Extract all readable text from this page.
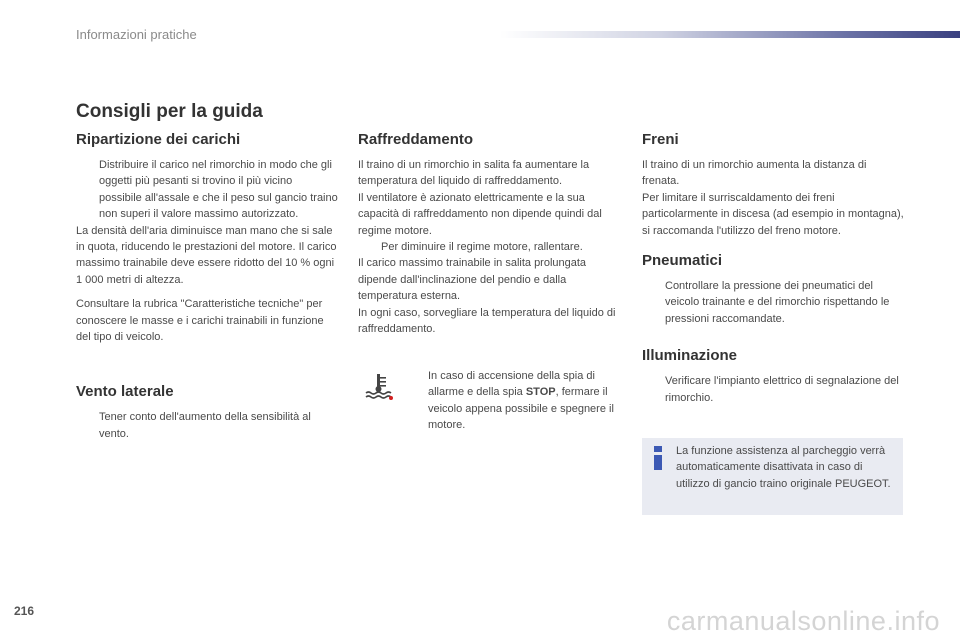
Informazioni pratiche
Consigli per la guida
Ripartizione dei carichi
Distribuire il carico nel rimorchio in modo che gli oggetti più pesanti si trovino il più vicino possibile all'assale e che il peso sul gancio traino non superi il valore massimo autorizzato.

La densità dell'aria diminuisce man mano che si sale in quota, riducendo le prestazioni del motore. Il carico massimo trainabile deve essere ridotto del 10 % ogni 1 000 metri di altezza.

Consultare la rubrica "Caratteristiche tecniche" per conoscere le masse e i carichi trainabili in funzione del tipo di veicolo.

Vento laterale
Tener conto dell'aumento della sensibilità al vento.
Raffreddamento

Il traino di un rimorchio in salita fa aumentare la temperatura del liquido di raffreddamento.

Il ventilatore è azionato elettricamente e la sua capacità di raffreddamento non dipende quindi dal regime motore.

Per diminuire il regime motore, rallentare.

Il carico massimo trainabile in salita prolungata dipende dall'inclinazione del pendio e dalla temperatura esterna.

In ogni caso, sorvegliare la temperatura del liquido di raffreddamento.

In caso di accensione della spia di allarme e della spia STOP, fermare il veicolo appena possibile e spegnere il motore.
Freni

Il traino di un rimorchio aumenta la distanza di frenata.

Per limitare il surriscaldamento dei freni particolarmente in discesa (ad esempio in montagna), si raccomanda l'utilizzo del freno motore.

Pneumatici
Controllare la pressione dei pneumatici del veicolo trainante e del rimorchio rispettando le pressioni raccomandate.
Illuminazione
Verificare l'impianto elettrico di segnalazione del rimorchio.
La funzione assistenza al parcheggio verrà automaticamente disattivata in caso di utilizzo di gancio traino originale PEUGEOT.
216	carmanualsonline.info
